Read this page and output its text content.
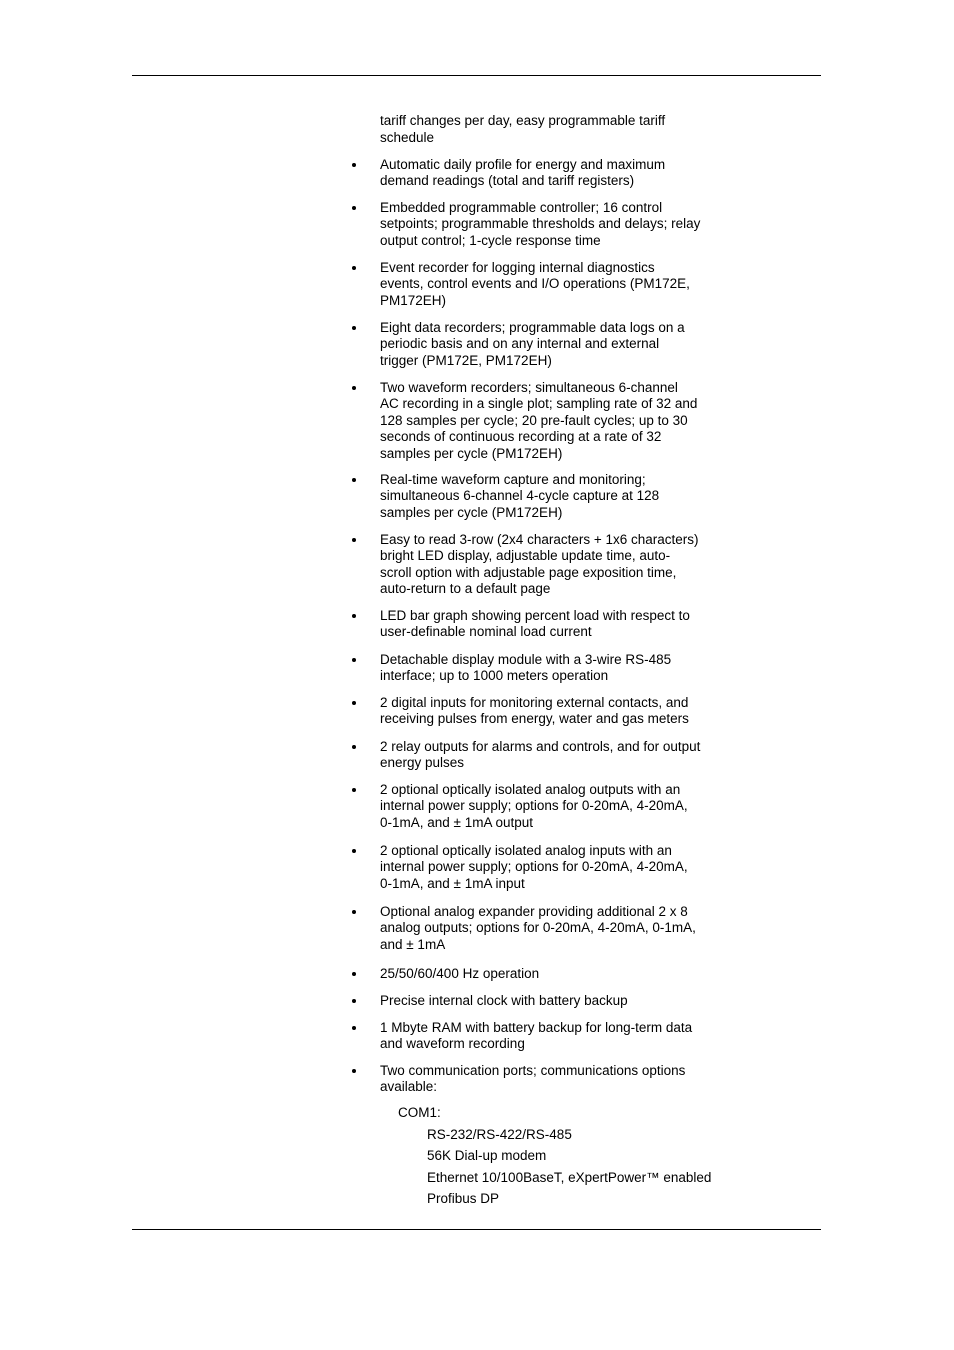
tariff changes per day, easy programmable tariff
schedule
Automatic daily profile for energy and maximum
demand readings (total and tariff registers)
Embedded programmable controller; 16 control
setpoints; programmable thresholds and delays; relay
output control; 1-cycle response time
Event recorder for logging internal diagnostics
events, control events and I/O operations (PM172E,
PM172EH)
Eight data recorders; programmable data logs on a
periodic basis and on any internal and external
trigger (PM172E, PM172EH)
Two waveform recorders; simultaneous 6-channel
AC recording in a single plot; sampling rate of 32 and
128 samples per cycle; 20 pre-fault cycles; up to 30
seconds of continuous recording at a rate of 32
samples per cycle (PM172EH)
Real-time waveform capture and monitoring;
simultaneous 6-channel 4-cycle capture at 128
samples per cycle (PM172EH)
Easy to read 3-row (2x4 characters + 1x6 characters)
bright LED display, adjustable update time, auto-
scroll option with adjustable page exposition time,
auto-return to a default page
LED bar graph showing percent load with respect to
user-definable nominal load current
Detachable display module with a 3-wire RS-485
interface; up to 1000 meters operation
2 digital inputs for monitoring external contacts, and
receiving pulses from energy, water and gas meters
2 relay outputs for alarms and controls, and for output
energy pulses
2 optional optically isolated analog outputs with an
internal power supply; options for 0-20mA, 4-20mA,
0-1mA, and ± 1mA output
2 optional optically isolated analog inputs with an
internal power supply; options for 0-20mA, 4-20mA,
0-1mA, and ± 1mA input
Optional analog expander providing additional 2 x 8
analog outputs; options for 0-20mA, 4-20mA, 0-1mA,
and ± 1mA
25/50/60/400 Hz operation
Precise internal clock with battery backup
1 Mbyte RAM with battery backup for long-term data
and waveform recording
Two communication ports; communications options
available:
COM1:
RS-232/RS-422/RS-485
56K Dial-up modem
Ethernet 10/100BaseT, eXpertPower™ enabled
Profibus DP
